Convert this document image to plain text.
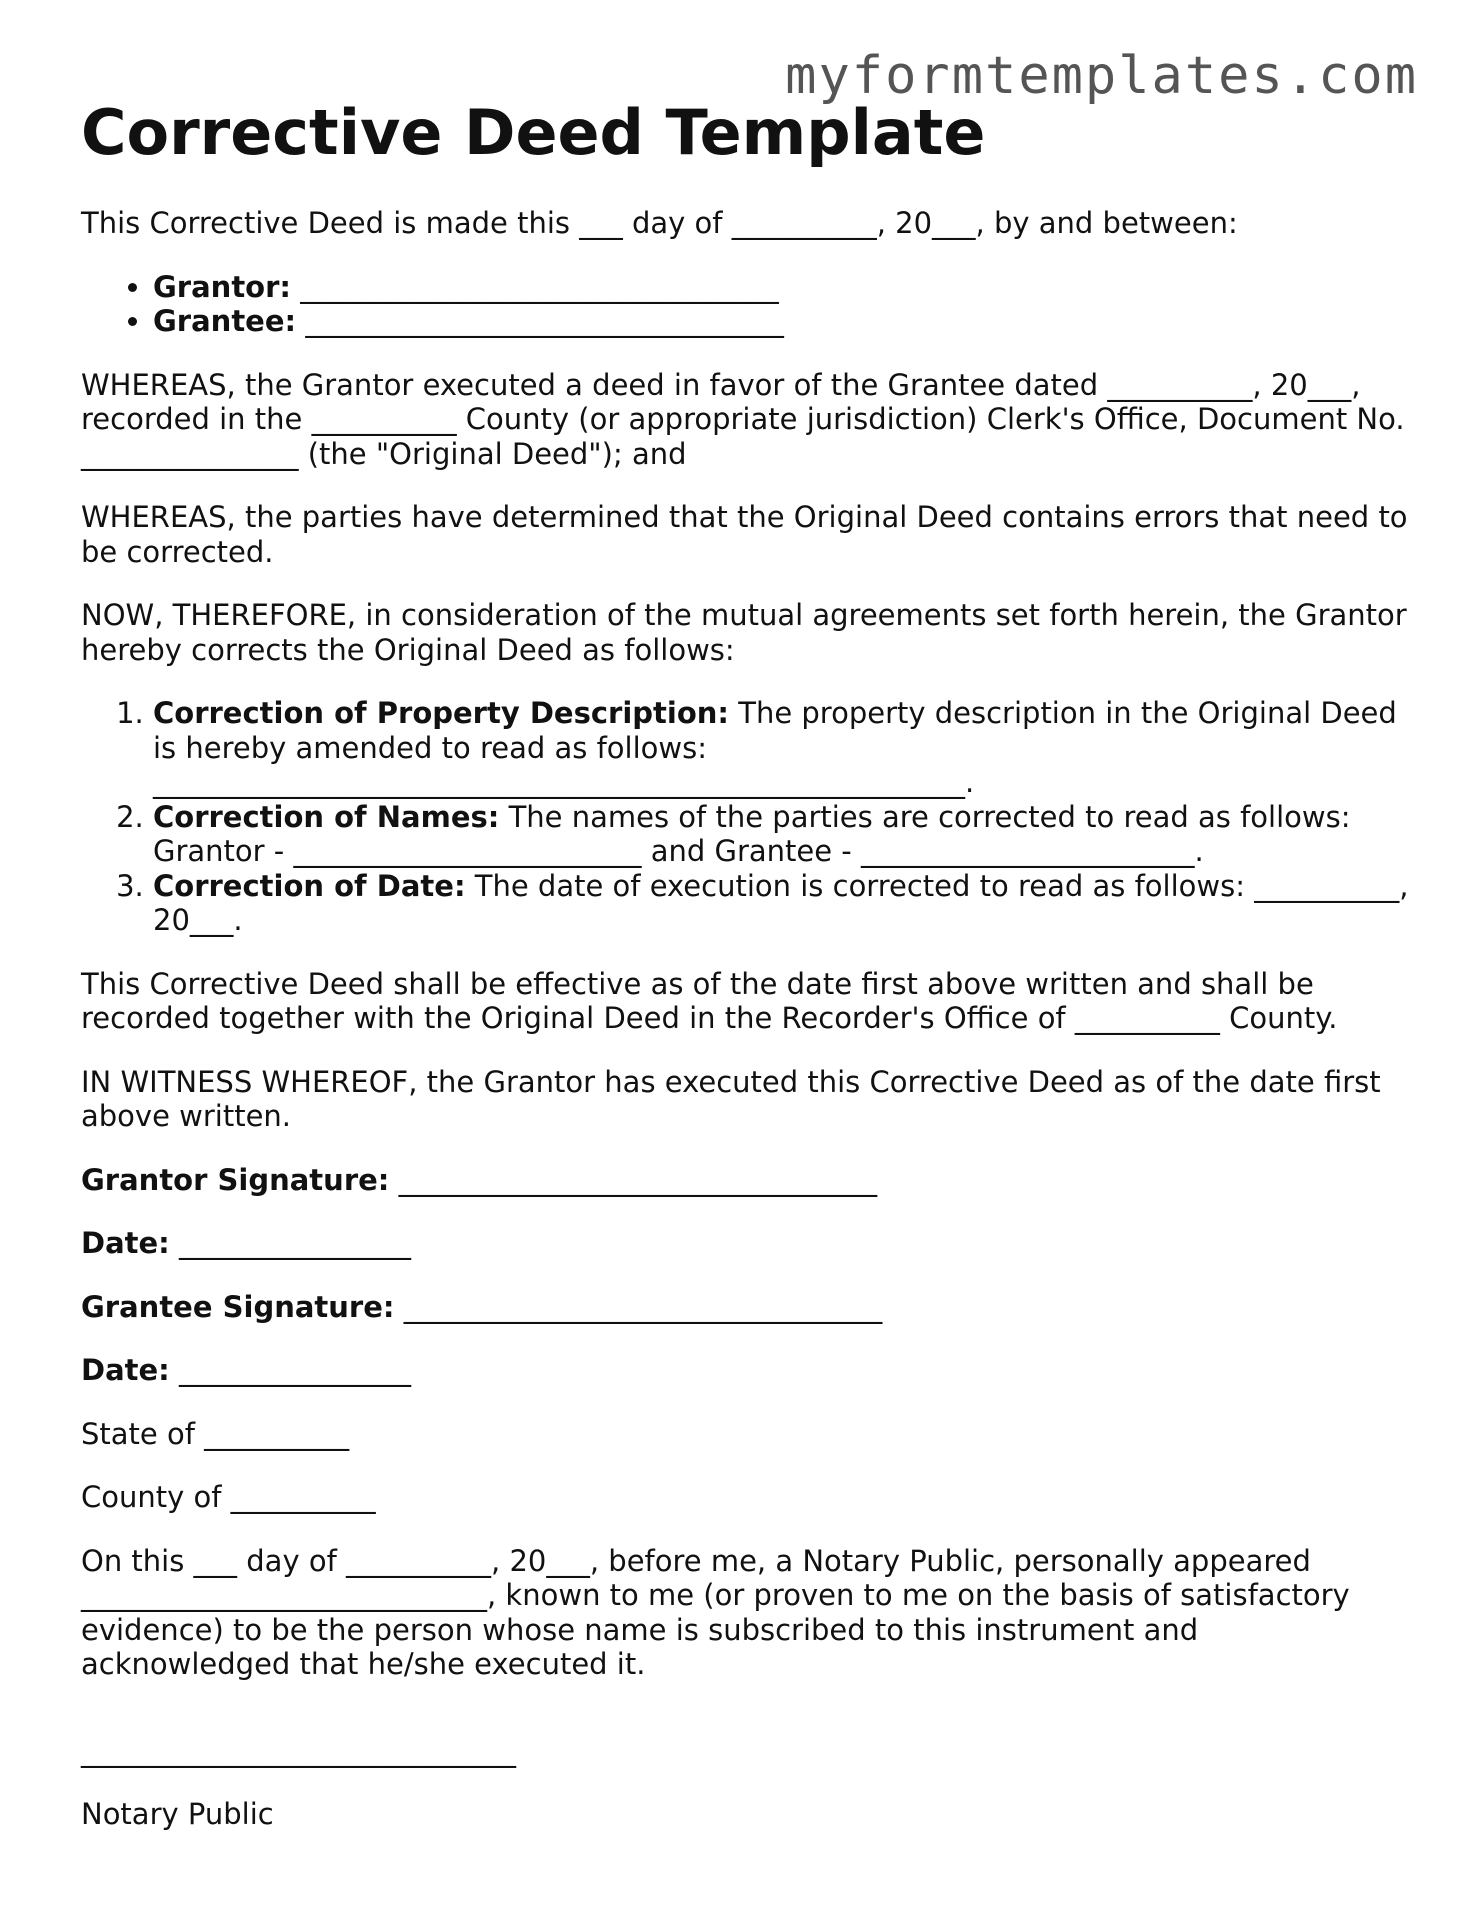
myformtemplates.com
Corrective Deed Template

This Corrective Deed is made this ___ day of __________, 20___, by and between:

• Grantor: _________________________________
• Grantee: _________________________________

WHEREAS, the Grantor executed a deed in favor of the Grantee dated __________, 20___, recorded in the __________ County (or appropriate jurisdiction) Clerk's Office, Document No. _______________ (the "Original Deed"); and

WHEREAS, the parties have determined that the Original Deed contains errors that need to be corrected.

NOW, THEREFORE, in consideration of the mutual agreements set forth herein, the Grantor hereby corrects the Original Deed as follows:

1. Correction of Property Description: The property description in the Original Deed is hereby amended to read as follows: ________________________________________________________.
2. Correction of Names: The names of the parties are corrected to read as follows: Grantor - ________________________ and Grantee - _______________________.
3. Correction of Date: The date of execution is corrected to read as follows: __________, 20___.

This Corrective Deed shall be effective as of the date first above written and shall be recorded together with the Original Deed in the Recorder's Office of __________ County.

IN WITNESS WHEREOF, the Grantor has executed this Corrective Deed as of the date first above written.

Grantor Signature: _________________________________

Date: ________________

Grantee Signature: _________________________________

Date: ________________

State of __________

County of __________

On this ___ day of __________, 20___, before me, a Notary Public, personally appeared ____________________________, known to me (or proven to me on the basis of satisfactory evidence) to be the person whose name is subscribed to this instrument and acknowledged that he/she executed it.

______________________________

Notary Public
